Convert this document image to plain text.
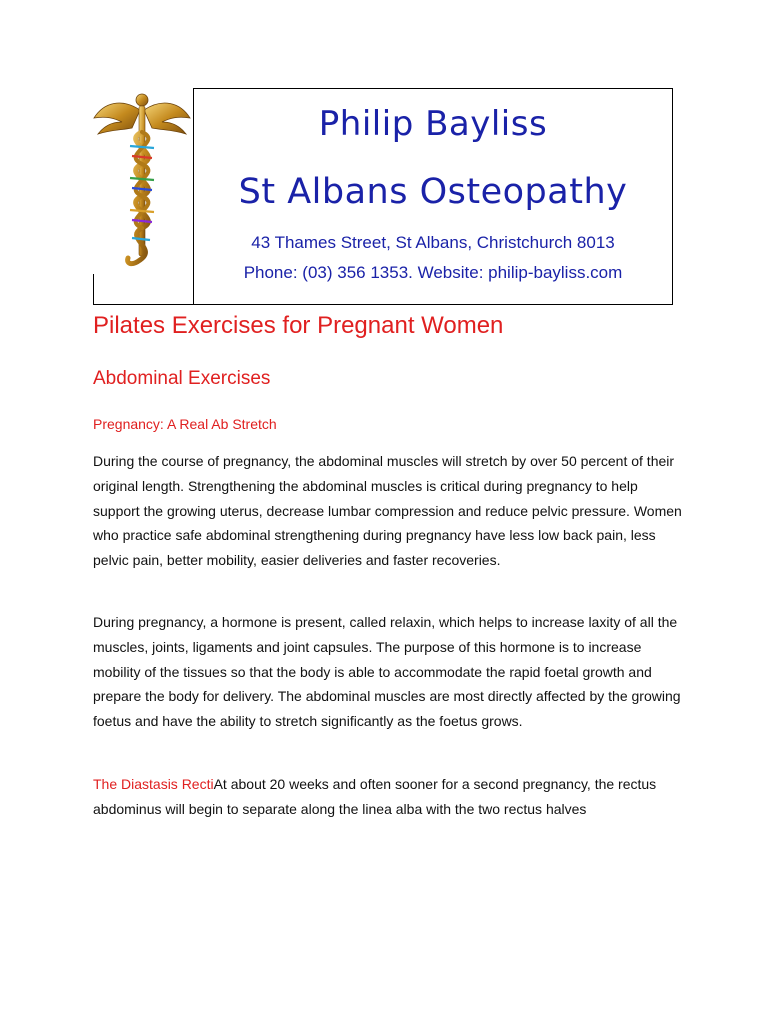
Philip Bayliss

St Albans Osteopathy

43 Thames Street, St Albans, Christchurch 8013

Phone: (03) 356 1353. Website: philip-bayliss.com

Pilates Exercises for Pregnant Women
Abdominal Exercises
Pregnancy: A Real Ab Stretch

During the course of pregnancy, the abdominal muscles will stretch by over 50 percent of their original length. Strengthening the abdominal muscles is critical during pregnancy to help support the growing uterus, decrease lumbar compression and reduce pelvic pressure. Women who practice safe abdominal strengthening during pregnancy have less low back pain, less pelvic pain, better mobility, easier deliveries and faster recoveries.

During pregnancy, a hormone is present, called relaxin, which helps to increase laxity of all the muscles, joints, ligaments and joint capsules. The purpose of this hormone is to increase mobility of the tissues so that the body is able to accommodate the rapid foetal growth and prepare the body for delivery. The abdominal muscles are most directly affected by the growing foetus and have the ability to stretch significantly as the foetus grows.

The Diastasis RectiAt about 20 weeks and often sooner for a second pregnancy, the rectus abdominus will begin to separate along the linea alba with the two rectus halves
